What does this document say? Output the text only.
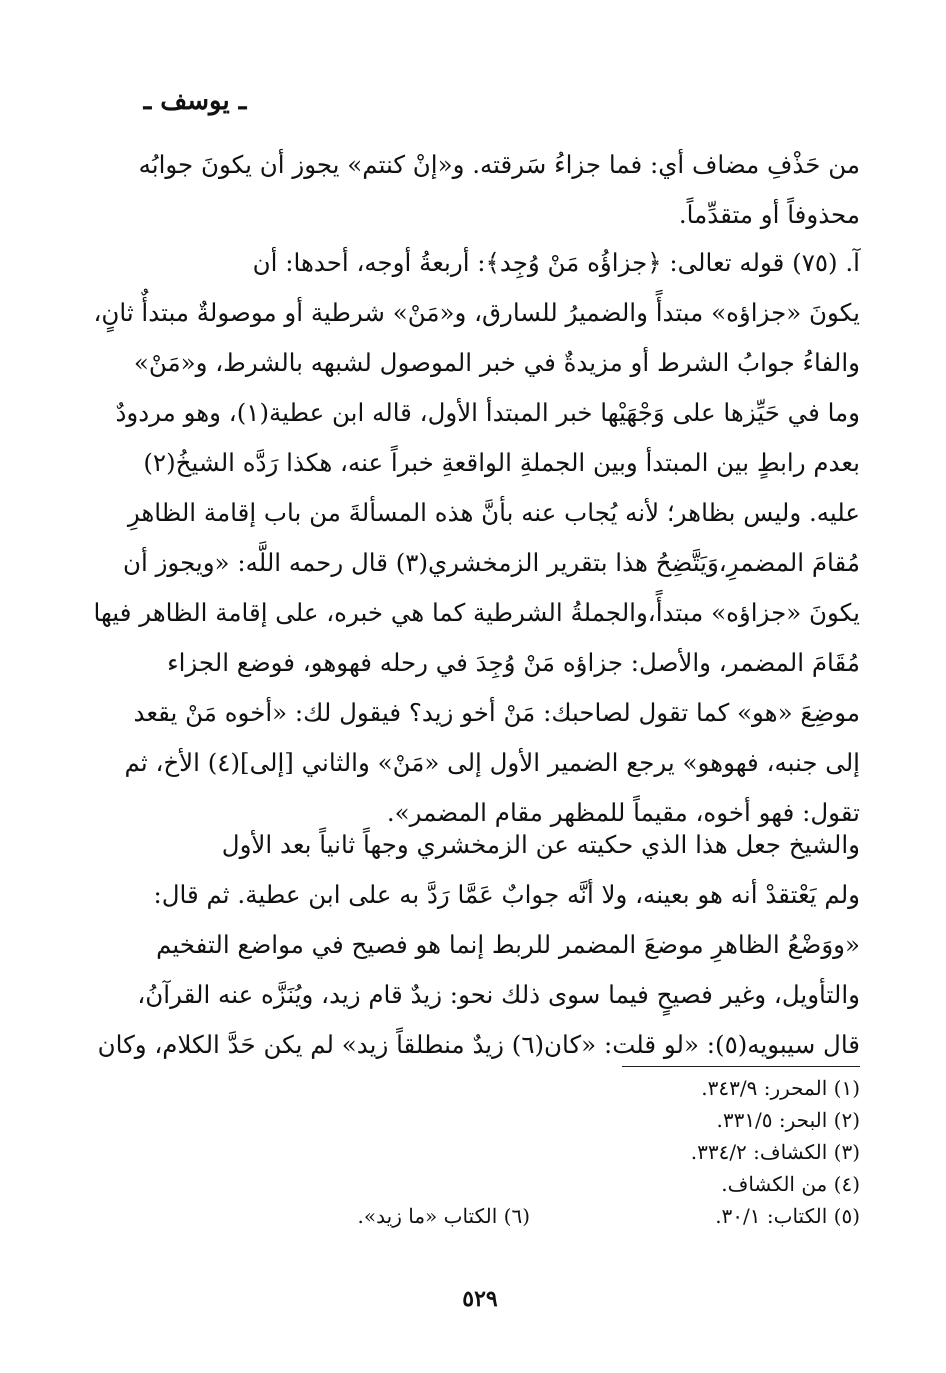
ـ يوسف ـ
من حَذْفِ مضاف أي: فما جزاءُ سَرقته. و«إنْ كنتم» يجوز أن يكونَ جوابُه
محذوفاً أو متقدِّماً.
آ. (٧٥) قوله تعالى: ﴿جزاؤُه مَنْ وُجِد﴾: أربعةُ أوجه، أحدها: أن
يكونَ «جزاؤه» مبتدأً والضميرُ للسارق، و«مَنْ» شرطية أو موصولةٌ مبتدأٌ ثانٍ،
والفاءُ جوابُ الشرط أو مزيدةٌ في خبر الموصول لشبهه بالشرط، و«مَنْ»
وما في حَيِّزها على وَجْهَيْها خبر المبتدأ الأول، قاله ابن عطية(١)، وهو مردودٌ
بعدم رابطٍ بين المبتدأ وبين الجملةِ الواقعةِ خبراً عنه، هكذا رَدَّه الشيخُ(٢)
عليه. وليس بظاهر؛ لأنه يُجاب عنه بأنَّ هذه المسألةَ من باب إقامة الظاهرِ
مُقامَ المضمرِ،وَيَتَّضِحُ هذا بتقرير الزمخشري(٣) قال رحمه اللَّه: «ويجوز أن
يكونَ «جزاؤه» مبتدأً،والجملةُ الشرطية كما هي خبره، على إقامة الظاهر فيها
مُقَامَ المضمر، والأصل: جزاؤه مَنْ وُجِدَ في رحله فهوهو، فوضع الجزاء
موضِعَ «هو» كما تقول لصاحبك: مَنْ أخو زيد؟ فيقول لك: «أخوه مَنْ يقعد
إلى جنبه، فهوهو» يرجع الضمير الأول إلى «مَنْ» والثاني [إلى](٤) الأخ، ثم
تقول: فهو أخوه، مقيماً للمظهر مقام المضمر».
والشيخ جعل هذا الذي حكيته عن الزمخشري وجهاً ثانياً بعد الأول
ولم يَعْتقدْ أنه هو بعينه، ولا أنَّه جوابٌ عَمَّا رَدَّ به على ابن عطية. ثم قال:
«ووَضْعُ الظاهرِ موضعَ المضمر للربط إنما هو فصيح في مواضع التفخيم
والتأويل، وغير فصيحٍ فيما سوى ذلك نحو: زيدٌ قام زيد، ويُنَزَّه عنه القرآنُ،
قال سيبويه(٥): «لو قلت: «كان(٦) زيدٌ منطلقاً زيد» لم يكن حَدَّ الكلام، وكان
(١) المحرر: ٣٤٣/٩.
(٢) البحر: ٣٣١/٥.
(٣) الكشاف: ٣٣٤/٢.
(٤) من الكشاف.
(٥) الكتاب: ٣٠/١.
(٦) الكتاب «ما زيد».
٥٢٩
